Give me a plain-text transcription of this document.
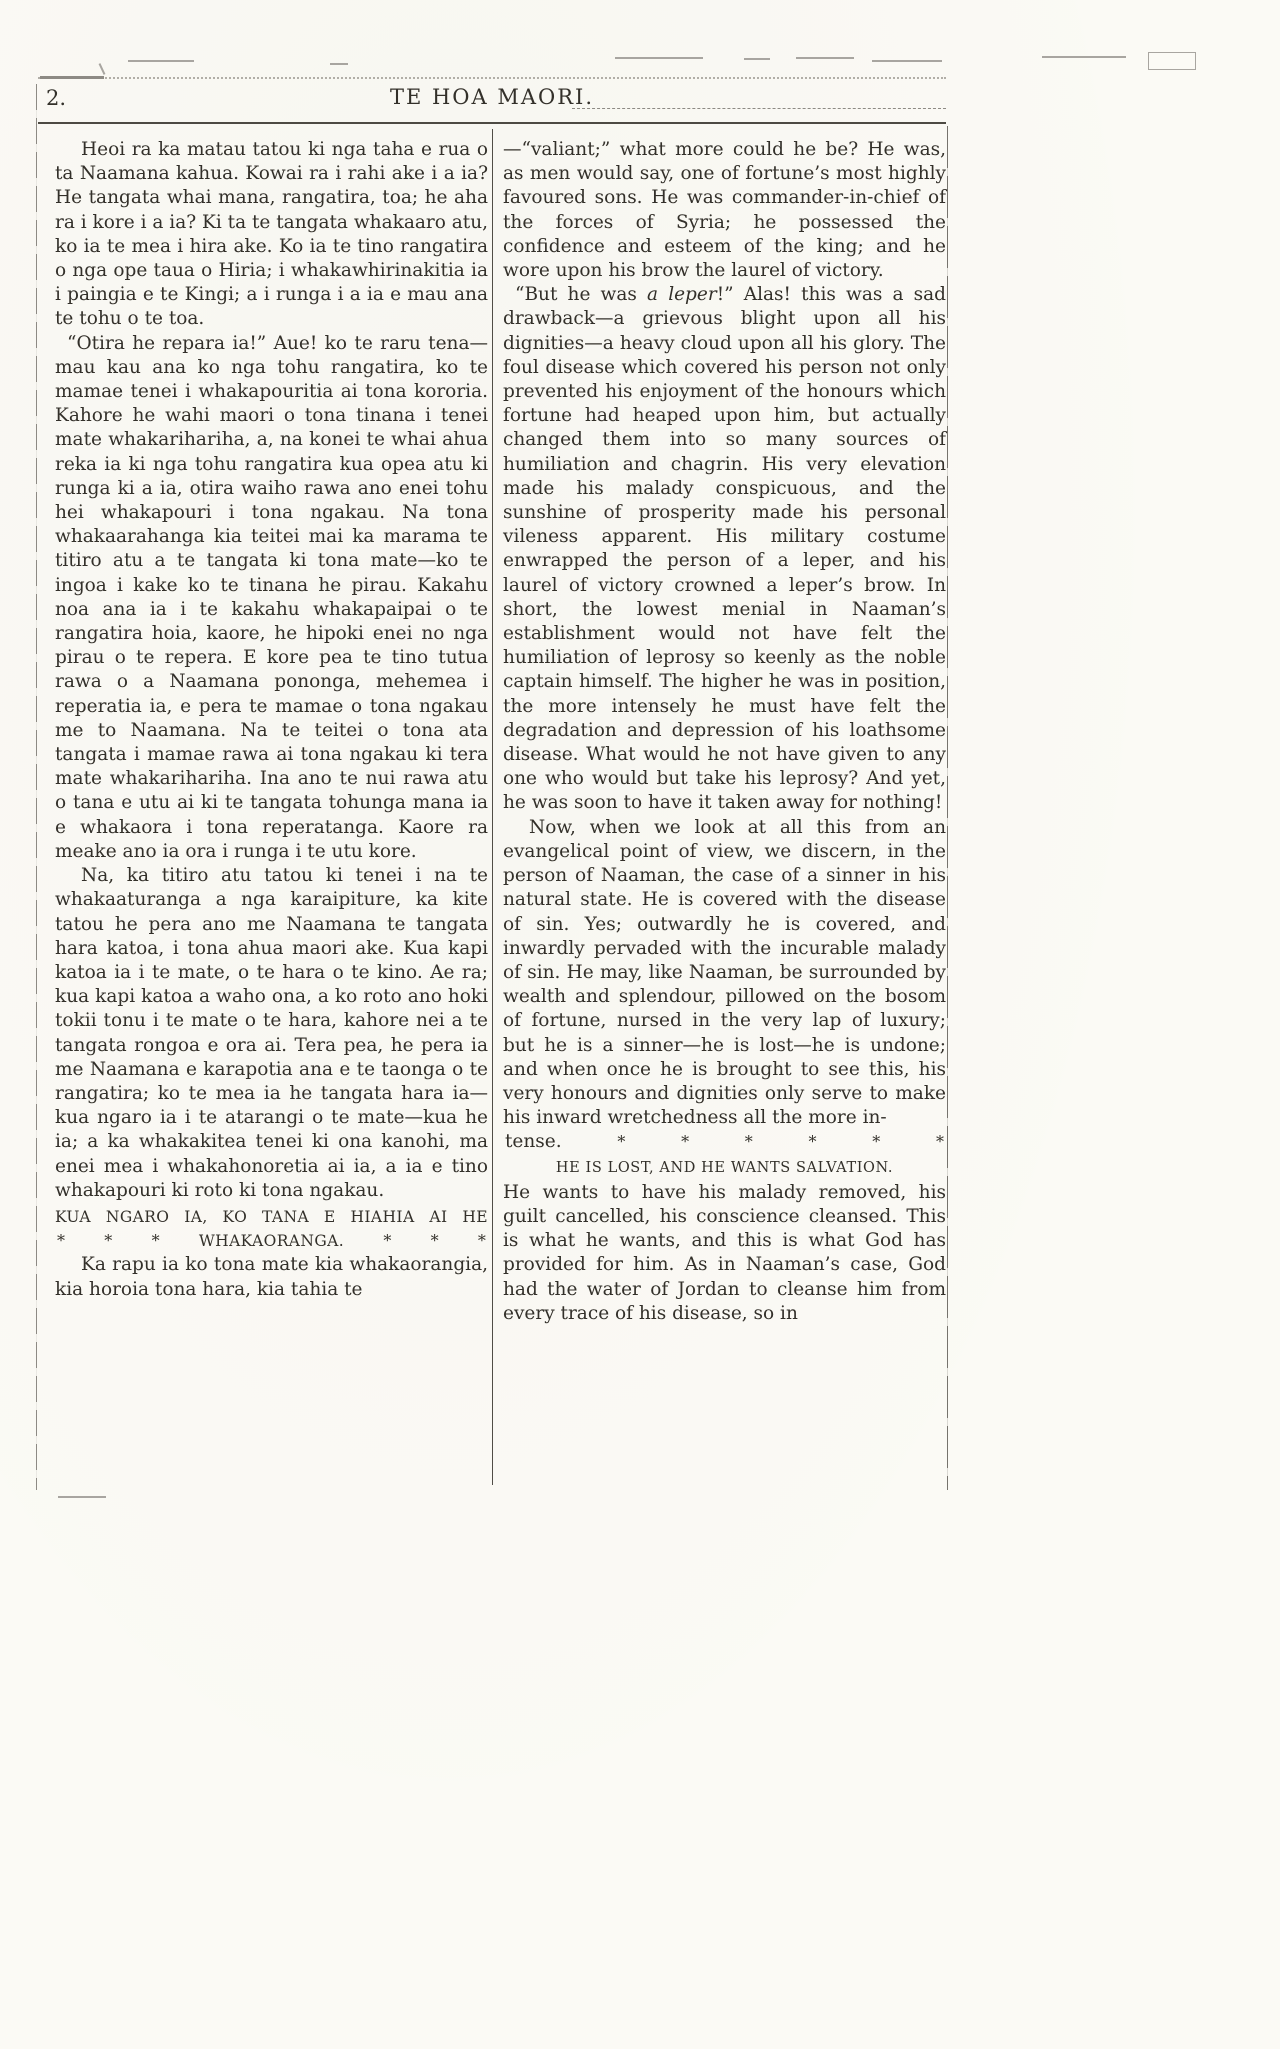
2.	TE HOA MAORI.

Heoi ra ka matau tatou ki nga taha e rua o ta Naamana kahua. Kowai ra i rahi ake i a ia? He tangata whai mana, rangatira, toa; he aha ra i kore i a ia? Ki ta te tangata whakaaro atu, ko ia te mea i hira ake. Ko ia te tino rangatira o nga ope taua o Hiria; i whakawhirinakitia ia i paingia e te Kingi; a i runga i a ia e mau ana te tohu o te toa.

“Otira he repara ia!” Aue! ko te raru tena—mau kau ana ko nga tohu rangatira, ko te mamae tenei i whakapouritia ai tona kororia. Kahore he wahi maori o tona tinana i tenei mate whakarihariha, a, na konei te whai ahua reka ia ki nga tohu rangatira kua opea atu ki runga ki a ia, otira waiho rawa ano enei tohu hei whakapouri i tona ngakau. Na tona whakaarahanga kia teitei mai ka marama te titiro atu a te tangata ki tona mate—ko te ingoa i kake ko te tinana he pirau. Kakahu noa ana ia i te kakahu whakapaipai o te rangatira hoia, kaore, he hipoki enei no nga pirau o te repera. E kore pea te tino tutua rawa o a Naamana pononga, mehemea i reperatia ia, e pera te mamae o tona ngakau me to Naamana. Na te teitei o tona ata tangata i mamae rawa ai tona ngakau ki tera mate whakarihariha. Ina ano te nui rawa atu o tana e utu ai ki te tangata tohunga mana ia e whakaora i tona reperatanga. Kaore ra meake ano ia ora i runga i te utu kore.

Na, ka titiro atu tatou ki tenei i na te whakaaturanga a nga karaipiture, ka kite tatou he pera ano me Naamana te tangata hara katoa, i tona ahua maori ake. Kua kapi katoa ia i te mate, o te hara o te kino. Ae ra; kua kapi katoa a waho ona, a ko roto ano hoki tokii tonu i te mate o te hara, kahore nei a te tangata rongoa e ora ai. Tera pea, he pera ia me Naamana e karapotia ana e te taonga o te rangatira; ko te mea ia he tangata hara ia—kua ngaro ia i te atarangi o te mate—kua he ia; a ka whakakitea tenei ki ona kanohi, ma enei mea i whakahonoretia ai ia, a ia e tino whakapouri ki roto ki tona ngakau.

KUA NGARO IA, KO TANA E HIAHIA AI HE
* * *	WHAKAORANGA. * * *

Ka rapu ia ko tona mate kia whakaorangia, kia horoia tona hara, kia tahia te

—“valiant;” what more could he be? He was, as men would say, one of fortune’s most highly favoured sons. He was commander-in-chief of the forces of Syria; he possessed the confidence and esteem of the king; and he wore upon his brow the laurel of victory.

“But he was a leper!” Alas! this was a sad drawback—a grievous blight upon all his dignities—a heavy cloud upon all his glory. The foul disease which covered his person not only prevented his enjoyment of the honours which fortune had heaped upon him, but actually changed them into so many sources of humiliation and chagrin. His very elevation made his malady conspicuous, and the sunshine of prosperity made his personal vileness apparent. His military costume enwrapped the person of a leper, and his laurel of victory crowned a leper’s brow. In short, the lowest menial in Naaman’s establishment would not have felt the humiliation of leprosy so keenly as the noble captain himself. The higher he was in position, the more intensely he must have felt the degradation and depression of his loathsome disease. What would he not have given to any one who would but take his leprosy? And yet, he was soon to have it taken away for nothing!

Now, when we look at all this from an evangelical point of view, we discern, in the person of Naaman, the case of a sinner in his natural state. He is covered with the disease of sin. Yes; outwardly he is covered, and inwardly pervaded with the incurable malady of sin. He may, like Naaman, be surrounded by wealth and splendour, pillowed on the bosom of fortune, nursed in the very lap of luxury; but he is a sinner—he is lost—he is undone; and when once he is brought to see this, his very honours and dignities only serve to make his inward wretchedness all the more in-

tense.	*	*	*	*	*	*
HE IS LOST, AND HE WANTS SALVATION.

He wants to have his malady removed, his guilt cancelled, his conscience cleansed. This is what he wants, and this is what God has provided for him. As in Naaman’s case, God had the water of Jordan to cleanse him from every trace of his disease, so in
